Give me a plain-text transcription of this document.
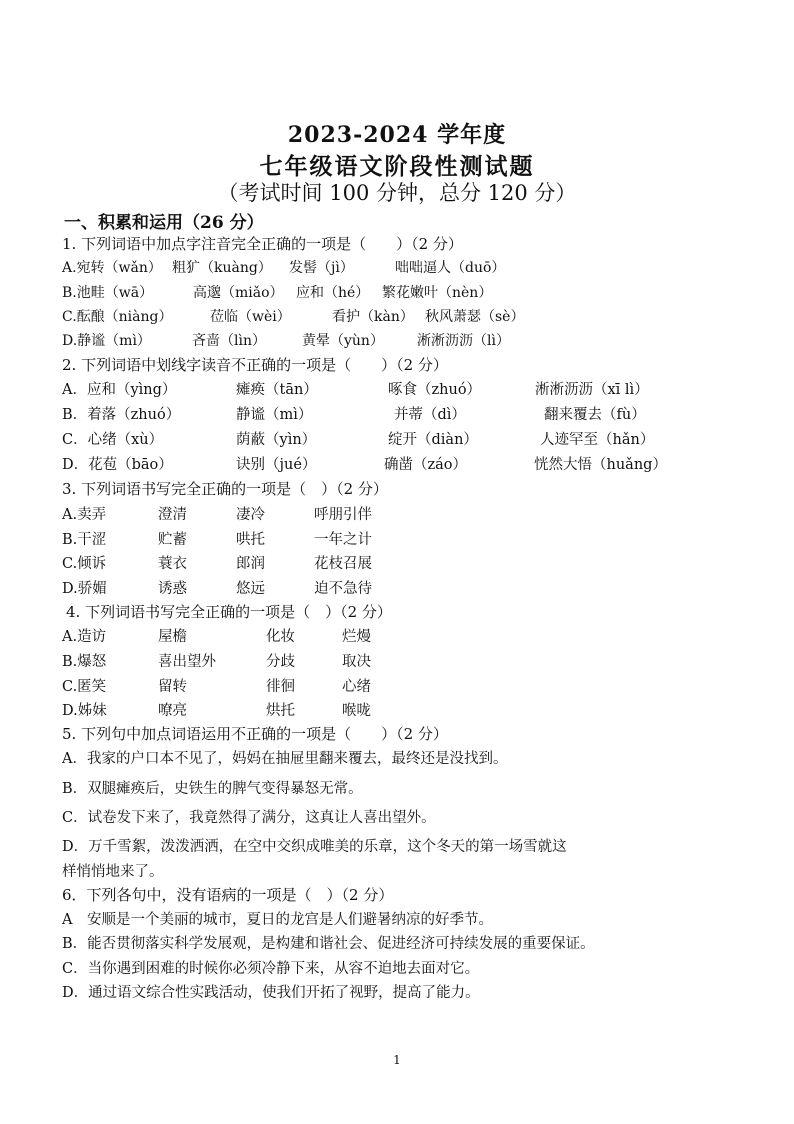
2023-2024 学年度
七年级语文阶段性测试题
（考试时间 100 分钟，总分 120 分）
一、积累和运用（26 分）
1. 下列词语中加点字注音完全正确的一项是（　　）（2 分）
A.宛转（wǎn） 粗犷（kuàng） 发髻（jì）	咄咄逼人（duō）
B.池畦（wā）	高邈（miǎo） 应和（hé） 繁花嫩叶（nèn）
C.酝酿（niàng）	莅临（wèi）	看护（kàn） 秋风萧瑟（sè）
D.静谧（mì）	吝啬（lìn）	黄晕（yùn） 淅淅沥沥（lì）
2. 下列词语中划线字读音不正确的一项是（　　）（2 分）
A．应和（yìng）	瘫痪（tān）	啄食（zhuó）	淅淅沥沥（xī lì）
B．着落（zhuó）	静谧（mì）	并蒂（dì）	翻来覆去（fù）
C．心绪（xù）	荫蔽（yìn）	绽开（diàn）	人迹罕至（hǎn）
D．花苞（bāo）	诀别（jué）	确凿（záo）	恍然大悟（huǎng）
3. 下列词语书写完全正确的一项是（　）（2 分）
A.卖弄	澄清	凄冷	呼朋引伴
B.干涩	贮蓄	哄托	一年之计
C.倾诉	蓑衣	郎润	花枝召展
D.骄媚	诱惑	悠远	迫不急待
4. 下列词语书写完全正确的一项是（　）（2 分）
A.造访	屋檐	化妆	烂熳
B.爆怒	喜出望外	分歧	取决
C.匿笑	留转	徘徊	心绪
D.姊妹	嘹亮	烘托	喉咙
5. 下列句中加点词语运用不正确的一项是（　　）（2 分）
A．我家的户口本不见了，妈妈在抽屉里翻来覆去，最终还是没找到。
B．双腿瘫痪后，史铁生的脾气变得暴怒无常。
C．试卷发下来了，我竟然得了满分，这真让人喜出望外。
D．万千雪絮，泼泼洒洒，在空中交织成唯美的乐章，这个冬天的第一场雪就这
样悄悄地来了。
6．下列各句中，没有语病的一项是（　）（2 分）
A　安顺是一个美丽的城市，夏日的龙宫是人们避暑纳凉的好季节。
B．能否贯彻落实科学发展观，是构建和谐社会、促进经济可持续发展的重要保证。
C．当你遇到困难的时候你必须冷静下来，从容不迫地去面对它。
D．通过语文综合性实践活动，使我们开拓了视野，提高了能力。
1
